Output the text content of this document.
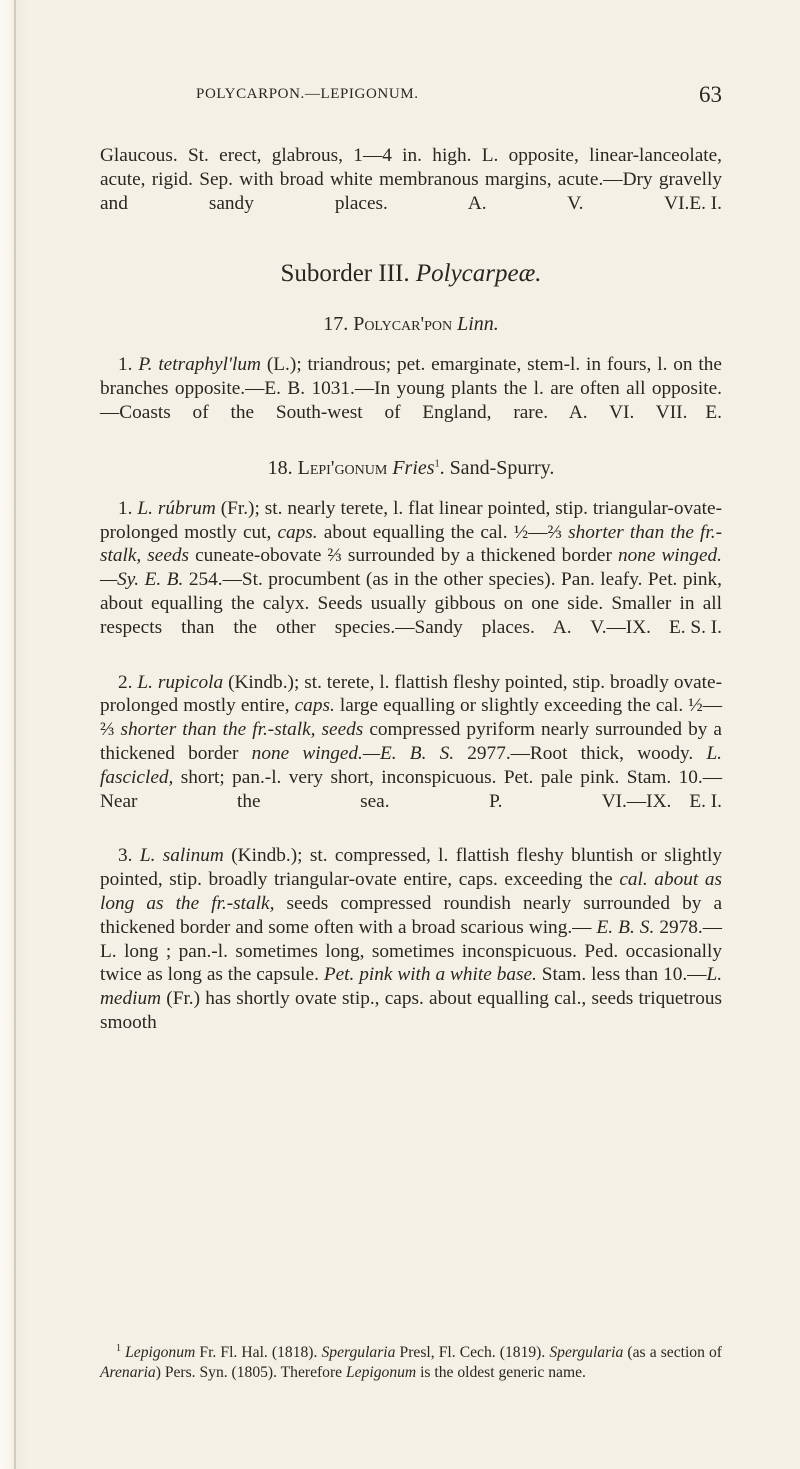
POLYCARPON.—LEPIGONUM.	63

Glaucous. St. erect, glabrous, 1—4 in. high. L. opposite, linear-lanceolate, acute, rigid. Sep. with broad white membranous margins, acute.—Dry gravelly and sandy places. A. V. VI. E. I.

Suborder III. Polycarpeæ.

17. Polycar'pon Linn.

1. P. tetraphyl'lum (L.); triandrous; pet. emarginate, stem-l. in fours, l. on the branches opposite.—E. B. 1031.—In young plants the l. are often all opposite.—Coasts of the South-west of England, rare. A. VI. VII. E.

18. Lepi'gonum Fries$^1$. Sand-Spurry.

1. L. rúbrum (Fr.); st. nearly terete, l. flat linear pointed, stip. triangular-ovate-prolonged mostly cut, caps. about equalling the cal. ½—⅔ shorter than the fr.-stalk, seeds cuneate-obovate ⅔ surrounded by a thickened border none winged.—Sy. E. B. 254.—St. procumbent (as in the other species). Pan. leafy. Pet. pink, about equalling the calyx. Seeds usually gibbous on one side. Smaller in all respects than the other species.—Sandy places. A. V.—IX. E. S. I.

2. L. rupicola (Kindb.); st. terete, l. flattish fleshy pointed, stip. broadly ovate-prolonged mostly entire, caps. large equalling or slightly exceeding the cal. ½—⅔ shorter than the fr.-stalk, seeds compressed pyriform nearly surrounded by a thickened border none winged.—E. B. S. 2977.—Root thick, woody. L. fascicled, short; pan.-l. very short, inconspicuous. Pet. pale pink. Stam. 10.—Near the sea. P. VI.—IX. E. I.

3. L. salinum (Kindb.); st. compressed, l. flattish fleshy bluntish or slightly pointed, stip. broadly triangular-ovate entire, caps. exceeding the cal. about as long as the fr.-stalk, seeds compressed roundish nearly surrounded by a thickened border and some often with a broad scarious wing.— E. B. S. 2978.— L. long ; pan.-l. sometimes long, sometimes inconspicuous. Ped. occasionally twice as long as the capsule. Pet. pink with a white base. Stam. less than 10.—L. medium (Fr.) has shortly ovate stip., caps. about equalling cal., seeds triquetrous smooth

$^1$ Lepigonum Fr. Fl. Hal. (1818). Spergularia Presl, Fl. Cech. (1819). Spergularia (as a section of Arenaria) Pers. Syn. (1805). Therefore Lepigonum is the oldest generic name.
